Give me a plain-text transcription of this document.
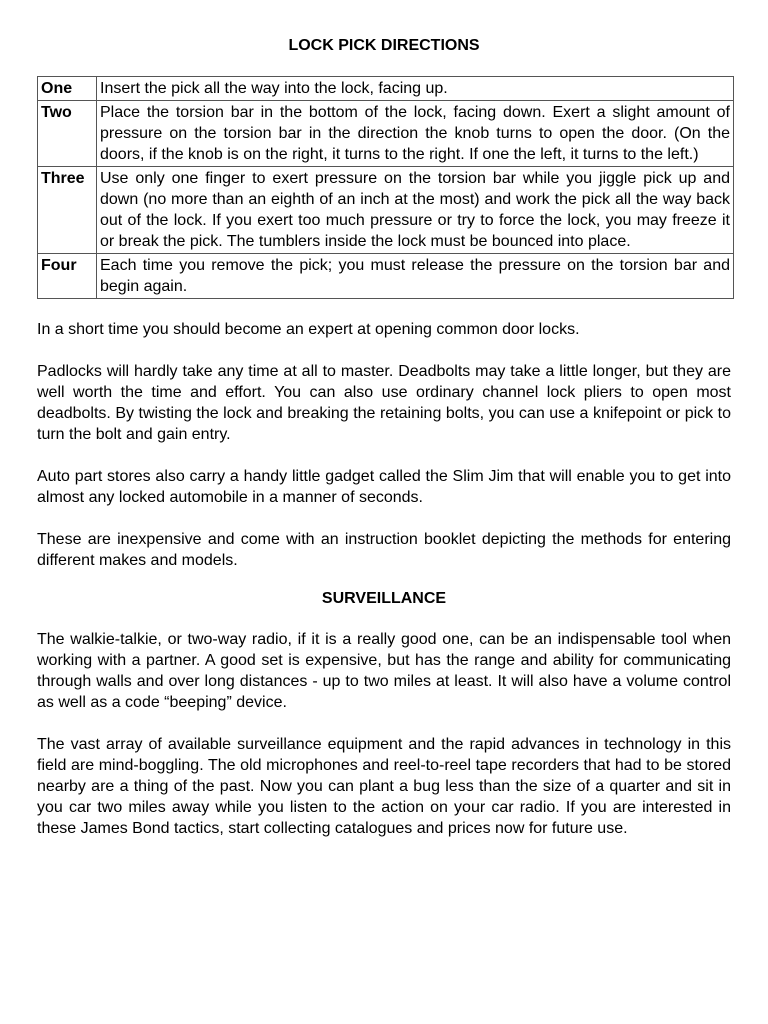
LOCK PICK DIRECTIONS
One	Insert the pick all the way into the lock, facing up.
Two	Place the torsion bar in the bottom of the lock, facing down. Exert a slight amount of pressure on the torsion bar in the direction the knob turns to open the door. (On the doors, if the knob is on the right, it turns to the right. If one the left, it turns to the left.)
Three	Use only one finger to exert pressure on the torsion bar while you jiggle pick up and down (no more than an eighth of an inch at the most) and work the pick all the way back out of the lock. If you exert too much pressure or try to force the lock, you may freeze it or break the pick. The tumblers inside the lock must be bounced into place.
Four	Each time you remove the pick; you must release the pressure on the torsion bar and begin again.

In a short time you should become an expert at opening common door locks.

Padlocks will hardly take any time at all to master. Deadbolts may take a little longer, but they are well worth the time and effort. You can also use ordinary channel lock pliers to open most deadbolts. By twisting the lock and breaking the retaining bolts, you can use a knifepoint or pick to turn the bolt and gain entry.

Auto part stores also carry a handy little gadget called the Slim Jim that will enable you to get into almost any locked automobile in a manner of seconds.

These are inexpensive and come with an instruction booklet depicting the methods for entering different makes and models.

SURVEILLANCE

The walkie-talkie, or two-way radio, if it is a really good one, can be an indispensable tool when working with a partner. A good set is expensive, but has the range and ability for communicating through walls and over long distances - up to two miles at least. It will also have a volume control as well as a code “beeping” device.

The vast array of available surveillance equipment and the rapid advances in technology in this field are mind-boggling. The old microphones and reel-to-reel tape recorders that had to be stored nearby are a thing of the past. Now you can plant a bug less than the size of a quarter and sit in you car two miles away while you listen to the action on your car radio. If you are interested in these James Bond tactics, start collecting catalogues and prices now for future use.
